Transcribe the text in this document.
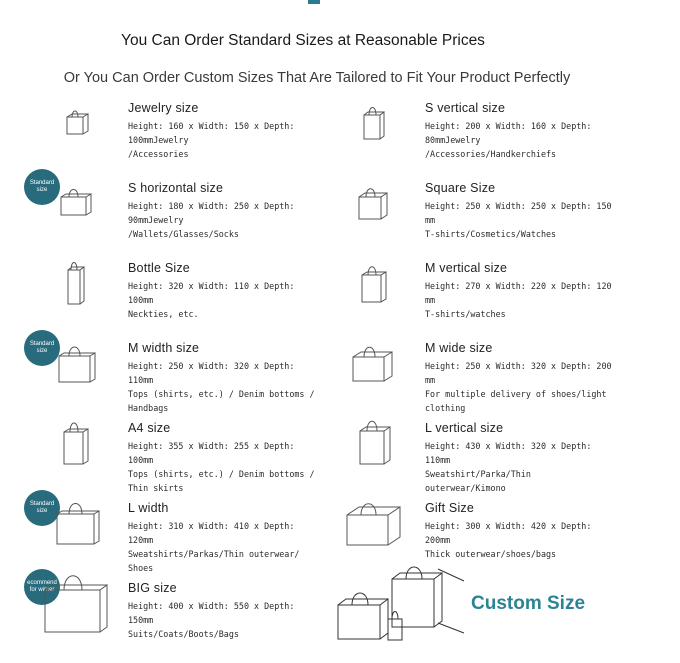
You Can Order Standard Sizes at Reasonable Prices
Or You Can Order Custom Sizes That Are Tailored to Fit Your Product Perfectly
Jewelry size
Height: 160 x Width: 150 x Depth:
100mmJewelry
/Accessories
S vertical size
Height: 200 x Width: 160 x Depth:
80mmJewelry
/Accessories/Handkerchiefs
Standard
size	S horizontal size
Height: 180 x Width: 250 x Depth:
90mmJewelry
/Wallets/Glasses/Socks
Square Size
Height: 250 x Width: 250 x Depth: 150
mm
T-shirts/Cosmetics/Watches
Bottle Size
Height: 320 x Width: 110 x Depth:
100mm
Neckties, etc.
M vertical size
Height: 270 x Width: 220 x Depth: 120
mm
T-shirts/watches
Standard
size	M width size
Height: 250 x Width: 320 x Depth:
110mm
Tops (shirts, etc.) / Denim bottoms /
Handbags
M wide size
Height: 250 x Width: 320 x Depth: 200
mm
For multiple delivery of shoes/light
clothing
A4 size
Height: 355 x Width: 255 x Depth:
100mm
Tops (shirts, etc.) / Denim bottoms /
Thin skirts
L vertical size
Height: 430 x Width: 320 x Depth:
110mm
Sweatshirt/Parka/Thin
outerwear/Kimono
Standard
size	L width
Height: 310 x Width: 410 x Depth:
120mm
Sweatshirts/Parkas/Thin outerwear/
Shoes
Gift Size
Height: 300 x Width: 420 x Depth:
200mm
Thick outerwear/shoes/bags
ecommend
for winter	BIG size
Height: 400 x Width: 550 x Depth:
150mm
Suits/Coats/Boots/Bags
Custom Size
